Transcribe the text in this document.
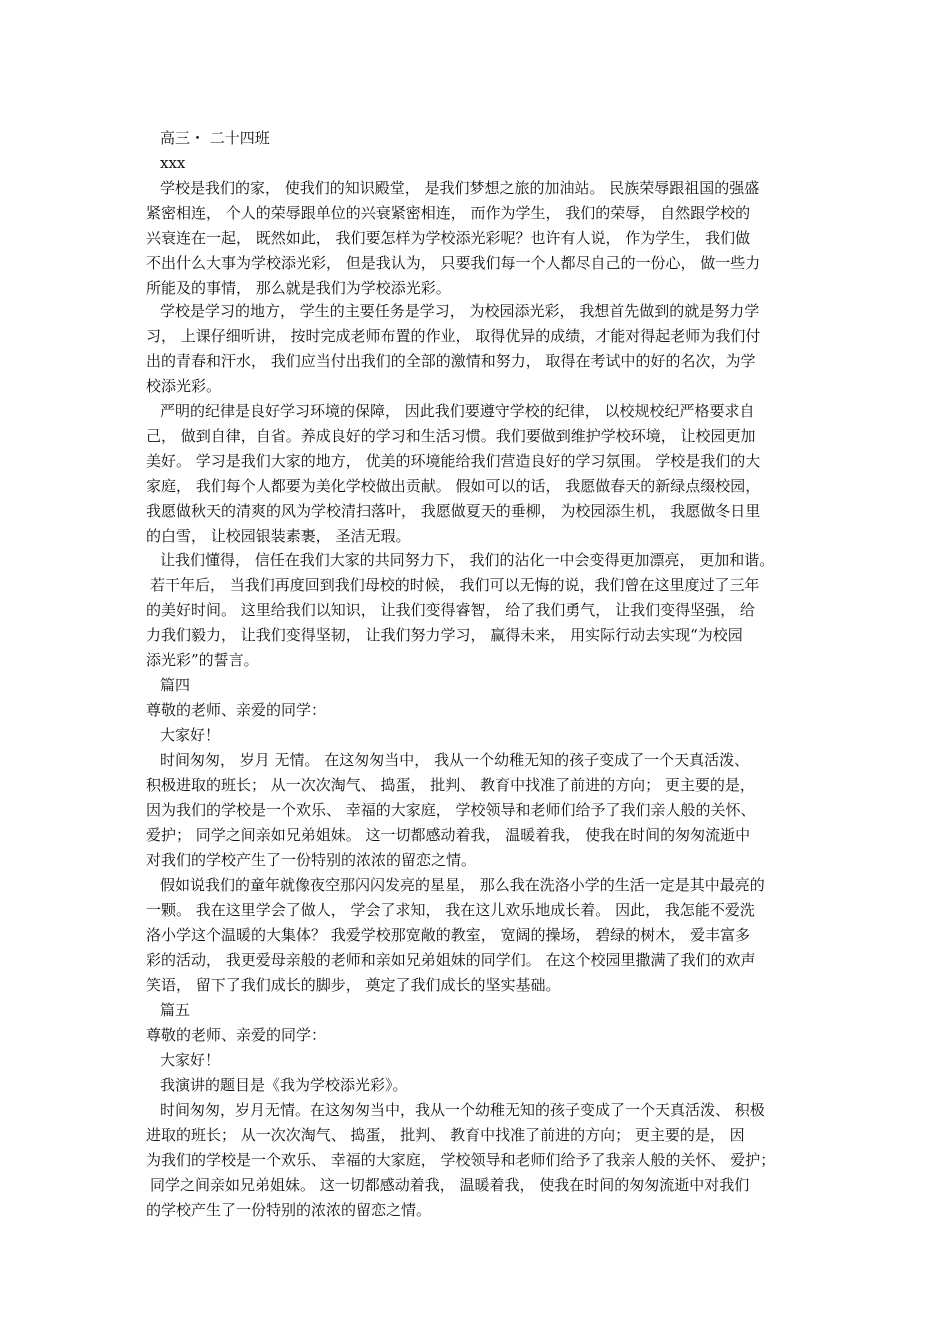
高三・ 二十四班

xxx

学校是我们的家， 使我们的知识殿堂， 是我们梦想之旅的加油站。 民族荣辱跟祖国的强盛

紧密相连， 个人的荣辱跟单位的兴衰紧密相连， 而作为学生， 我们的荣辱， 自然跟学校的

兴衰连在一起， 既然如此， 我们要怎样为学校添光彩呢？也许有人说， 作为学生， 我们做

不出什么大事为学校添光彩， 但是我认为， 只要我们每一个人都尽自己的一份心， 做一些力

所能及的事情， 那么就是我们为学校添光彩。

学校是学习的地方， 学生的主要任务是学习， 为校园添光彩， 我想首先做到的就是努力学

习， 上课仔细听讲， 按时完成老师布置的作业， 取得优异的成绩，才能对得起老师为我们付

出的青春和汗水， 我们应当付出我们的全部的激情和努力， 取得在考试中的好的名次，为学

校添光彩。

严明的纪律是良好学习环境的保障， 因此我们要遵守学校的纪律， 以校规校纪严格要求自

己， 做到自律，自省。养成良好的学习和生活习惯。我们要做到维护学校环境， 让校园更加

美好。 学习是我们大家的地方， 优美的环境能给我们营造良好的学习氛围。 学校是我们的大

家庭， 我们每个人都要为美化学校做出贡献。 假如可以的话， 我愿做春天的新绿点缀校园，

我愿做秋天的清爽的风为学校清扫落叶， 我愿做夏天的垂柳， 为校园添生机， 我愿做冬日里

的白雪， 让校园银装素裹， 圣洁无瑕。

让我们懂得， 信任在我们大家的共同努力下， 我们的沾化一中会变得更加漂亮， 更加和谐。

若干年后， 当我们再度回到我们母校的时候， 我们可以无悔的说，我们曾在这里度过了三年

的美好时间。 这里给我们以知识， 让我们变得睿智， 给了我们勇气， 让我们变得坚强， 给

力我们毅力， 让我们变得坚韧， 让我们努力学习， 赢得未来， 用实际行动去实现“为校园

添光彩”的誓言。

篇四

尊敬的老师、亲爱的同学：

大家好！

时间匆匆， 岁月 无情。 在这匆匆当中， 我从一个幼稚无知的孩子变成了一个天真活泼、

积极进取的班长； 从一次次淘气、 捣蛋， 批判、 教育中找准了前进的方向； 更主要的是，

因为我们的学校是一个欢乐、 幸福的大家庭， 学校领导和老师们给予了我们亲人般的关怀、

爱护； 同学之间亲如兄弟姐妹。 这一切都感动着我， 温暖着我， 使我在时间的匆匆流逝中

对我们的学校产生了一份特别的浓浓的留恋之情。

假如说我们的童年就像夜空那闪闪发亮的星星， 那么我在洗洛小学的生活一定是其中最亮的

一颗。 我在这里学会了做人， 学会了求知， 我在这儿欢乐地成长着。 因此， 我怎能不爱洗

洛小学这个温暖的大集体？ 我爱学校那宽敞的教室， 宽阔的操场， 碧绿的树木， 爱丰富多

彩的活动， 我更爱母亲般的老师和亲如兄弟姐妹的同学们。 在这个校园里撒满了我们的欢声

笑语， 留下了我们成长的脚步， 奠定了我们成长的坚实基础。

篇五

尊敬的老师、亲爱的同学：

大家好！

我演讲的题目是《我为学校添光彩》。

时间匆匆，岁月无情。在这匆匆当中，我从一个幼稚无知的孩子变成了一个天真活泼、 积极

进取的班长； 从一次次淘气、 捣蛋， 批判、 教育中找准了前进的方向； 更主要的是， 因

为我们的学校是一个欢乐、 幸福的大家庭， 学校领导和老师们给予了我亲人般的关怀、 爱护；

同学之间亲如兄弟姐妹。 这一切都感动着我， 温暖着我， 使我在时间的匆匆流逝中对我们

的学校产生了一份特别的浓浓的留恋之情。
